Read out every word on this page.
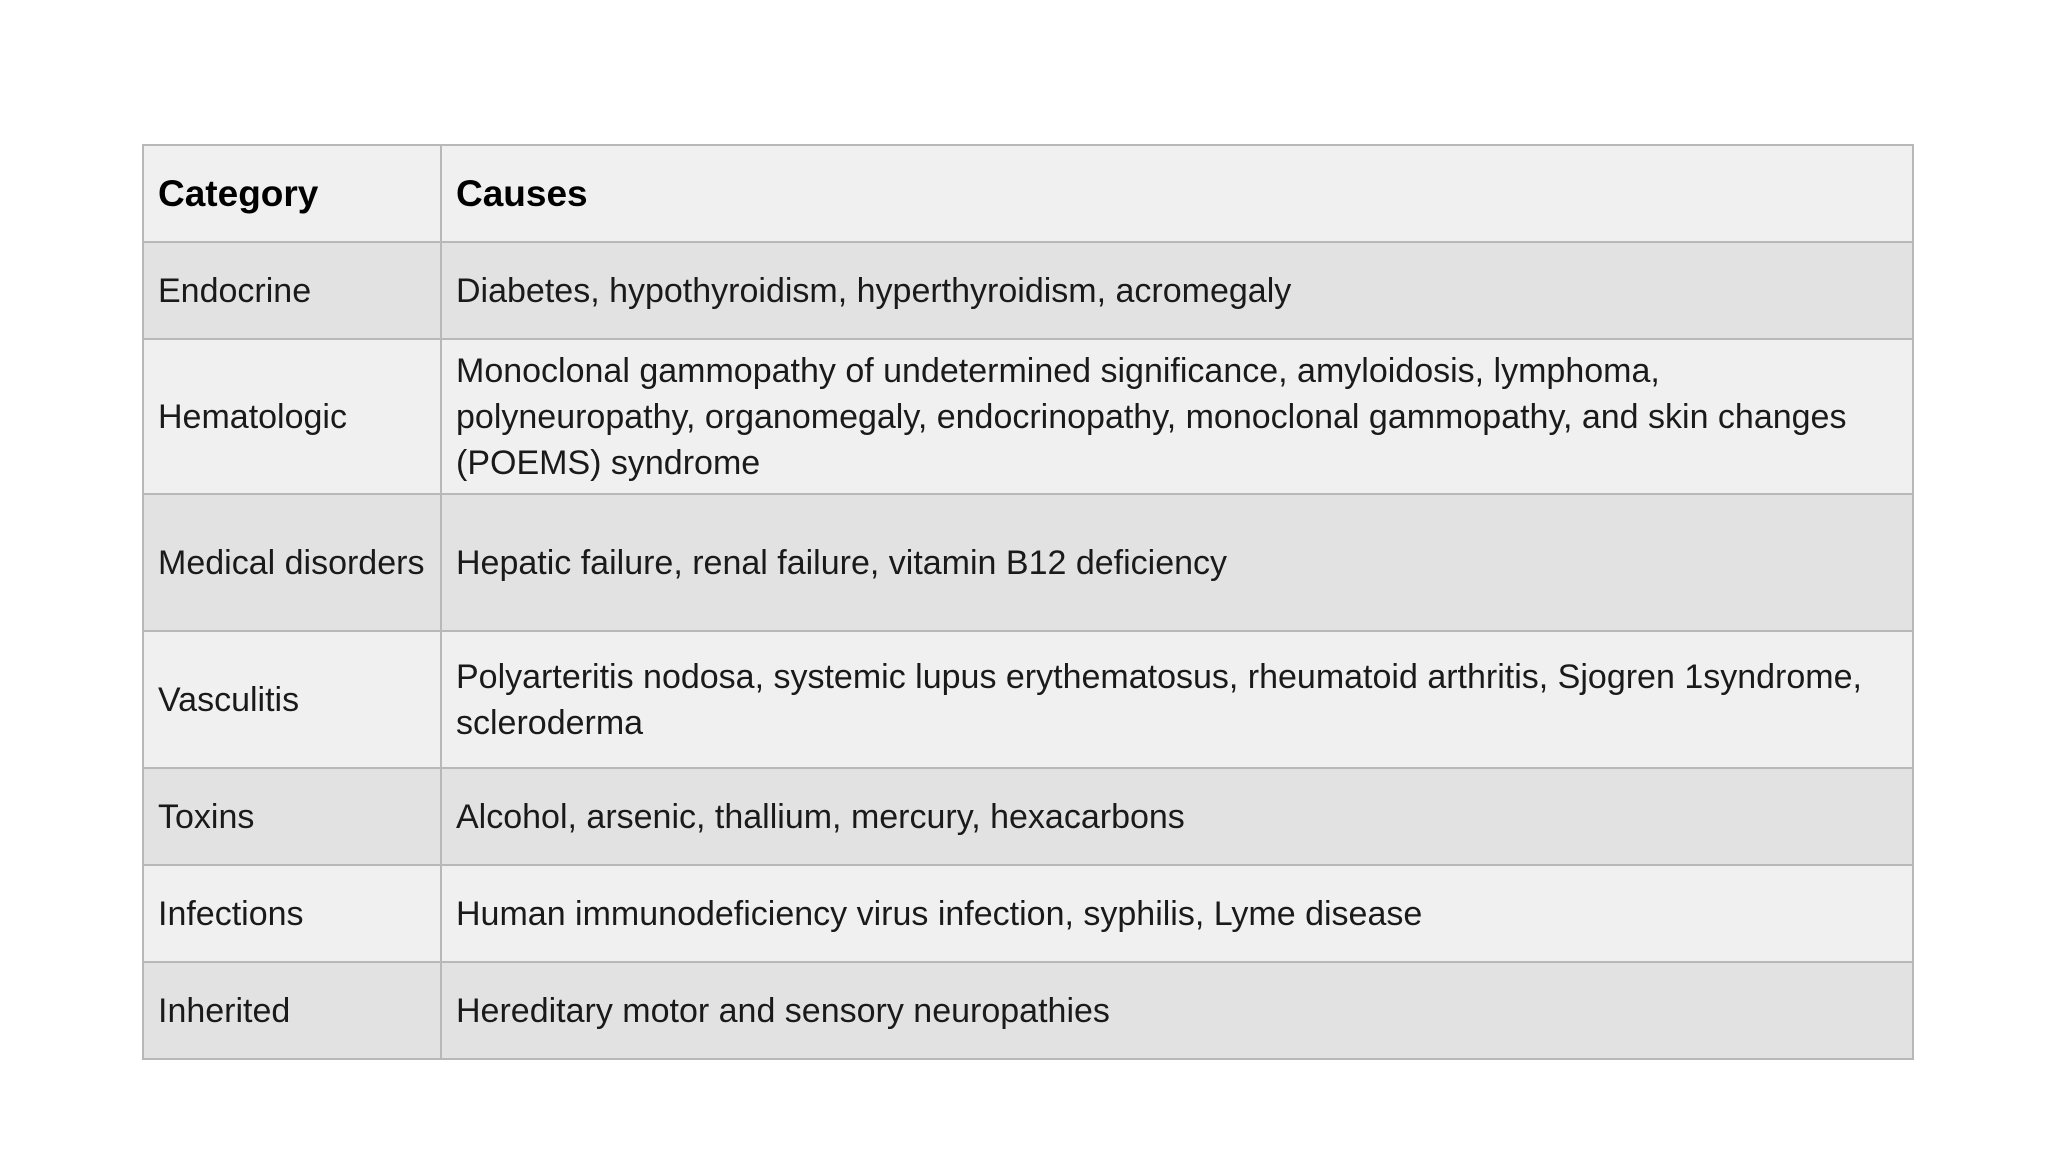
Category	Causes
Endocrine	Diabetes, hypothyroidism, hyperthyroidism, acromegaly
Hematologic	Monoclonal gammopathy of undetermined significance, amyloidosis, lymphoma, polyneuropathy, organomegaly, endocrinopathy, monoclonal gammopathy, and skin changes (POEMS) syndrome
Medical disorders	Hepatic failure, renal failure, vitamin B12 deficiency
Vasculitis	Polyarteritis nodosa, systemic lupus erythematosus, rheumatoid arthritis, Sjogren 1syndrome, scleroderma
Toxins	Alcohol, arsenic, thallium, mercury, hexacarbons
Infections	Human immunodeficiency virus infection, syphilis, Lyme disease
Inherited	Hereditary motor and sensory neuropathies
